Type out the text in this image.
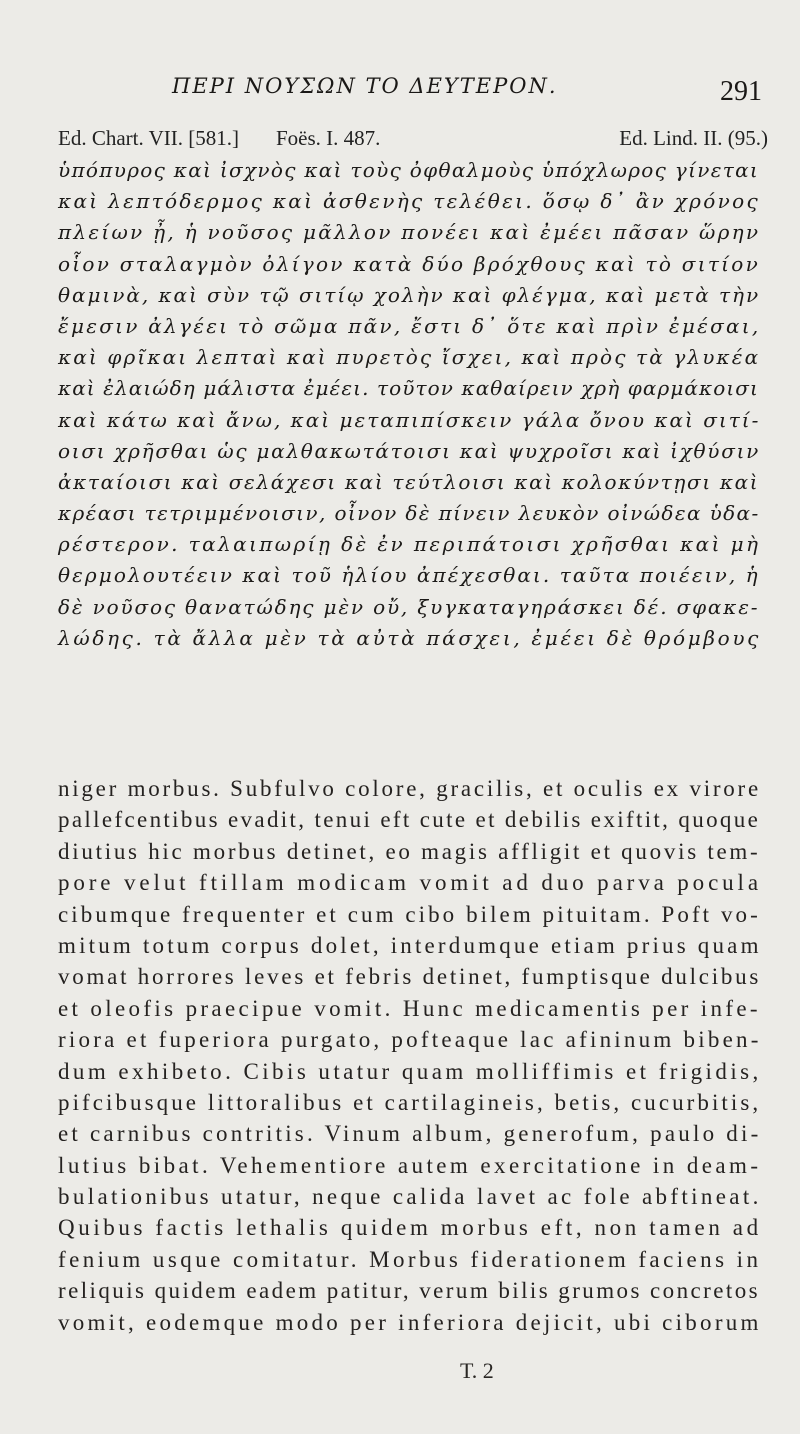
ΠΕΡΙ ΝΟΥΣΩΝ ΤΟ ΔΕΥΤΕΡΟΝ.	291
Ed. Chart. VII. [581.] Foës. I. 487.	Ed. Lind. II. (95.)
ὑπόπυρος καὶ ἰσχνὸς καὶ τοὺς ὀφθαλμοὺς ὑπόχλωρος γίνεται
καὶ λεπτόδερμος καὶ ἀσθενὴς τελέθει. ὅσῳ δ᾿ ἂν χρόνος
πλείων ᾖ, ἡ νοῦσος μᾶλλον πονέει καὶ ἐμέει πᾶσαν ὥρην
οἷον σταλαγμὸν ὀλίγον κατὰ δύο βρόχθους καὶ τὸ σιτίον
θαμινὰ, καὶ σὺν τῷ σιτίῳ χολὴν καὶ φλέγμα, καὶ μετὰ τὴν
ἔμεσιν ἀλγέει τὸ σῶμα πᾶν, ἔστι δ᾿ ὅτε καὶ πρὶν ἐμέσαι,
καὶ φρῖκαι λεπταὶ καὶ πυρετὸς ἴσχει, καὶ πρὸς τὰ γλυκέα
καὶ ἐλαιώδη μάλιστα ἐμέει. τοῦτον καθαίρειν χρὴ φαρμάκοισι
καὶ κάτω καὶ ἄνω, καὶ μεταπιπίσκειν γάλα ὄνου καὶ σιτί-
οισι χρῆσθαι ὡς μαλθακωτάτοισι καὶ ψυχροῖσι καὶ ἰχθύσιν
ἀκταίοισι καὶ σελάχεσι καὶ τεύτλοισι καὶ κολοκύντῃσι καὶ
κρέασι τετριμμένοισιν, οἶνον δὲ πίνειν λευκὸν οἰνώδεα ὑδα-
ρέστερον. ταλαιπωρίῃ δὲ ἐν περιπάτοισι χρῆσθαι καὶ μὴ
θερμολουτέειν καὶ τοῦ ἡλίου ἀπέχεσθαι. ταῦτα ποιέειν, ἡ
δὲ νοῦσος θανατώδης μὲν οὔ, ξυγκαταγηράσκει δέ. σφακε-
λώδης. τὰ ἄλλα μὲν τὰ αὐτὰ πάσχει, ἐμέει δὲ θρόμβους
niger morbus. Subfulvo colore, gracilis, et oculis ex virore
pallefcentibus evadit, tenui eft cute et debilis exiftit, quoque
diutius hic morbus detinet, eo magis affligit et quovis tem-
pore velut ftillam modicam vomit ad duo parva pocula
cibumque frequenter et cum cibo bilem pituitam. Poft vo-
mitum totum corpus dolet, interdumque etiam prius quam
vomat horrores leves et febris detinet, fumptisque dulcibus
et oleofis praecipue vomit. Hunc medicamentis per infe-
riora et fuperiora purgato, pofteaque lac afininum biben-
dum exhibeto. Cibis utatur quam molliffimis et frigidis,
pifcibusque littoralibus et cartilagineis, betis, cucurbitis,
et carnibus contritis. Vinum album, generofum, paulo di-
lutius bibat. Vehementiore autem exercitatione in deam-
bulationibus utatur, neque calida lavet ac fole abftineat.
Quibus factis lethalis quidem morbus eft, non tamen ad
fenium usque comitatur. Morbus fiderationem faciens in
reliquis quidem eadem patitur, verum bilis grumos concretos
vomit, eodemque modo per inferiora dejicit, ubi ciborum
T. 2
